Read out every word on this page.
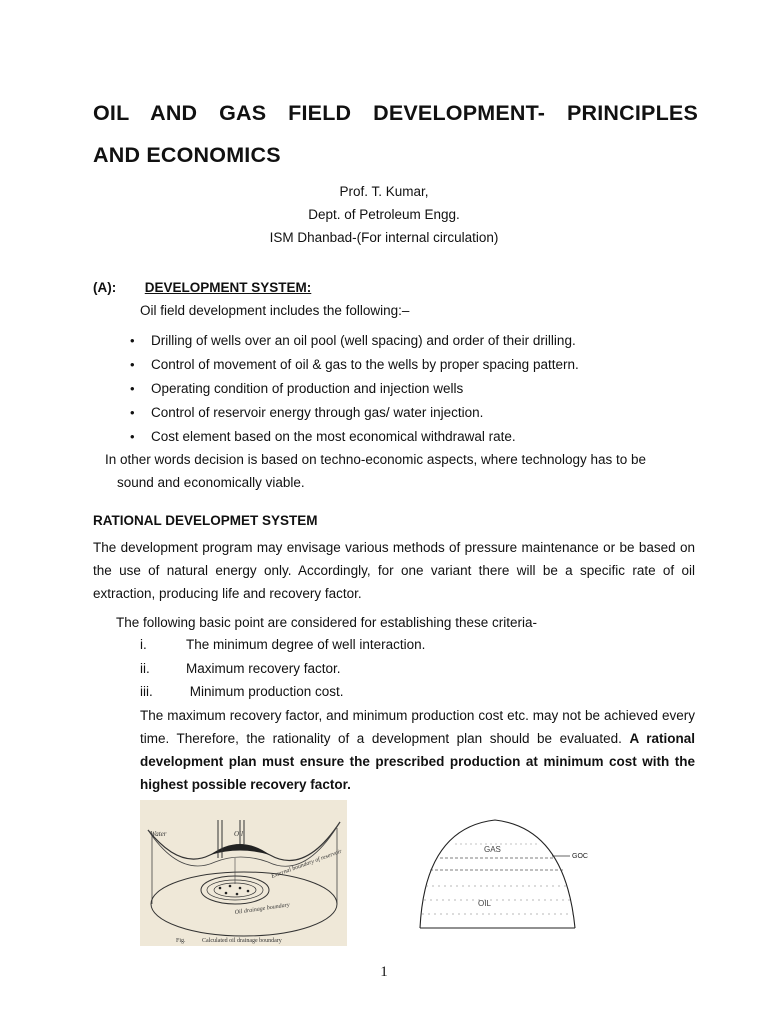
OIL AND GAS FIELD DEVELOPMENT- PRINCIPLES
AND ECONOMICS
Prof. T. Kumar,
Dept. of Petroleum Engg.
ISM Dhanbad-(For internal circulation)

(A): DEVELOPMENT SYSTEM:

Oil field development includes the following:–

• Drilling of wells over an oil pool (well spacing) and order of their drilling.
• Control of movement of oil & gas to the wells by proper spacing pattern.
• Operating condition of production and injection wells
• Control of reservoir energy through gas/ water injection.
• Cost element based on the most economical withdrawal rate.

In other words decision is based on techno-economic aspects, where technology has to be
sound and economically viable.

RATIONAL DEVELOPMET SYSTEM

The development program may envisage various methods of pressure maintenance or be based on the use of natural energy only. Accordingly, for one variant there will be a specific rate of oil extraction, producing life and recovery factor.

The following basic point are considered for establishing these criteria-

i.	The minimum degree of well interaction.
ii.	Maximum recovery factor.
iii.	Minimum production cost.

The maximum recovery factor, and minimum production cost etc. may not be achieved every time. Therefore, the rationality of a development plan should be evaluated. A rational development plan must ensure the prescribed production at minimum cost with the highest possible recovery factor.

Water	Oil
External boundary of reservoir
Oil drainage boundary
Fig.	Calculated oil drainage boundary
GAS
GOC
OIL
1
